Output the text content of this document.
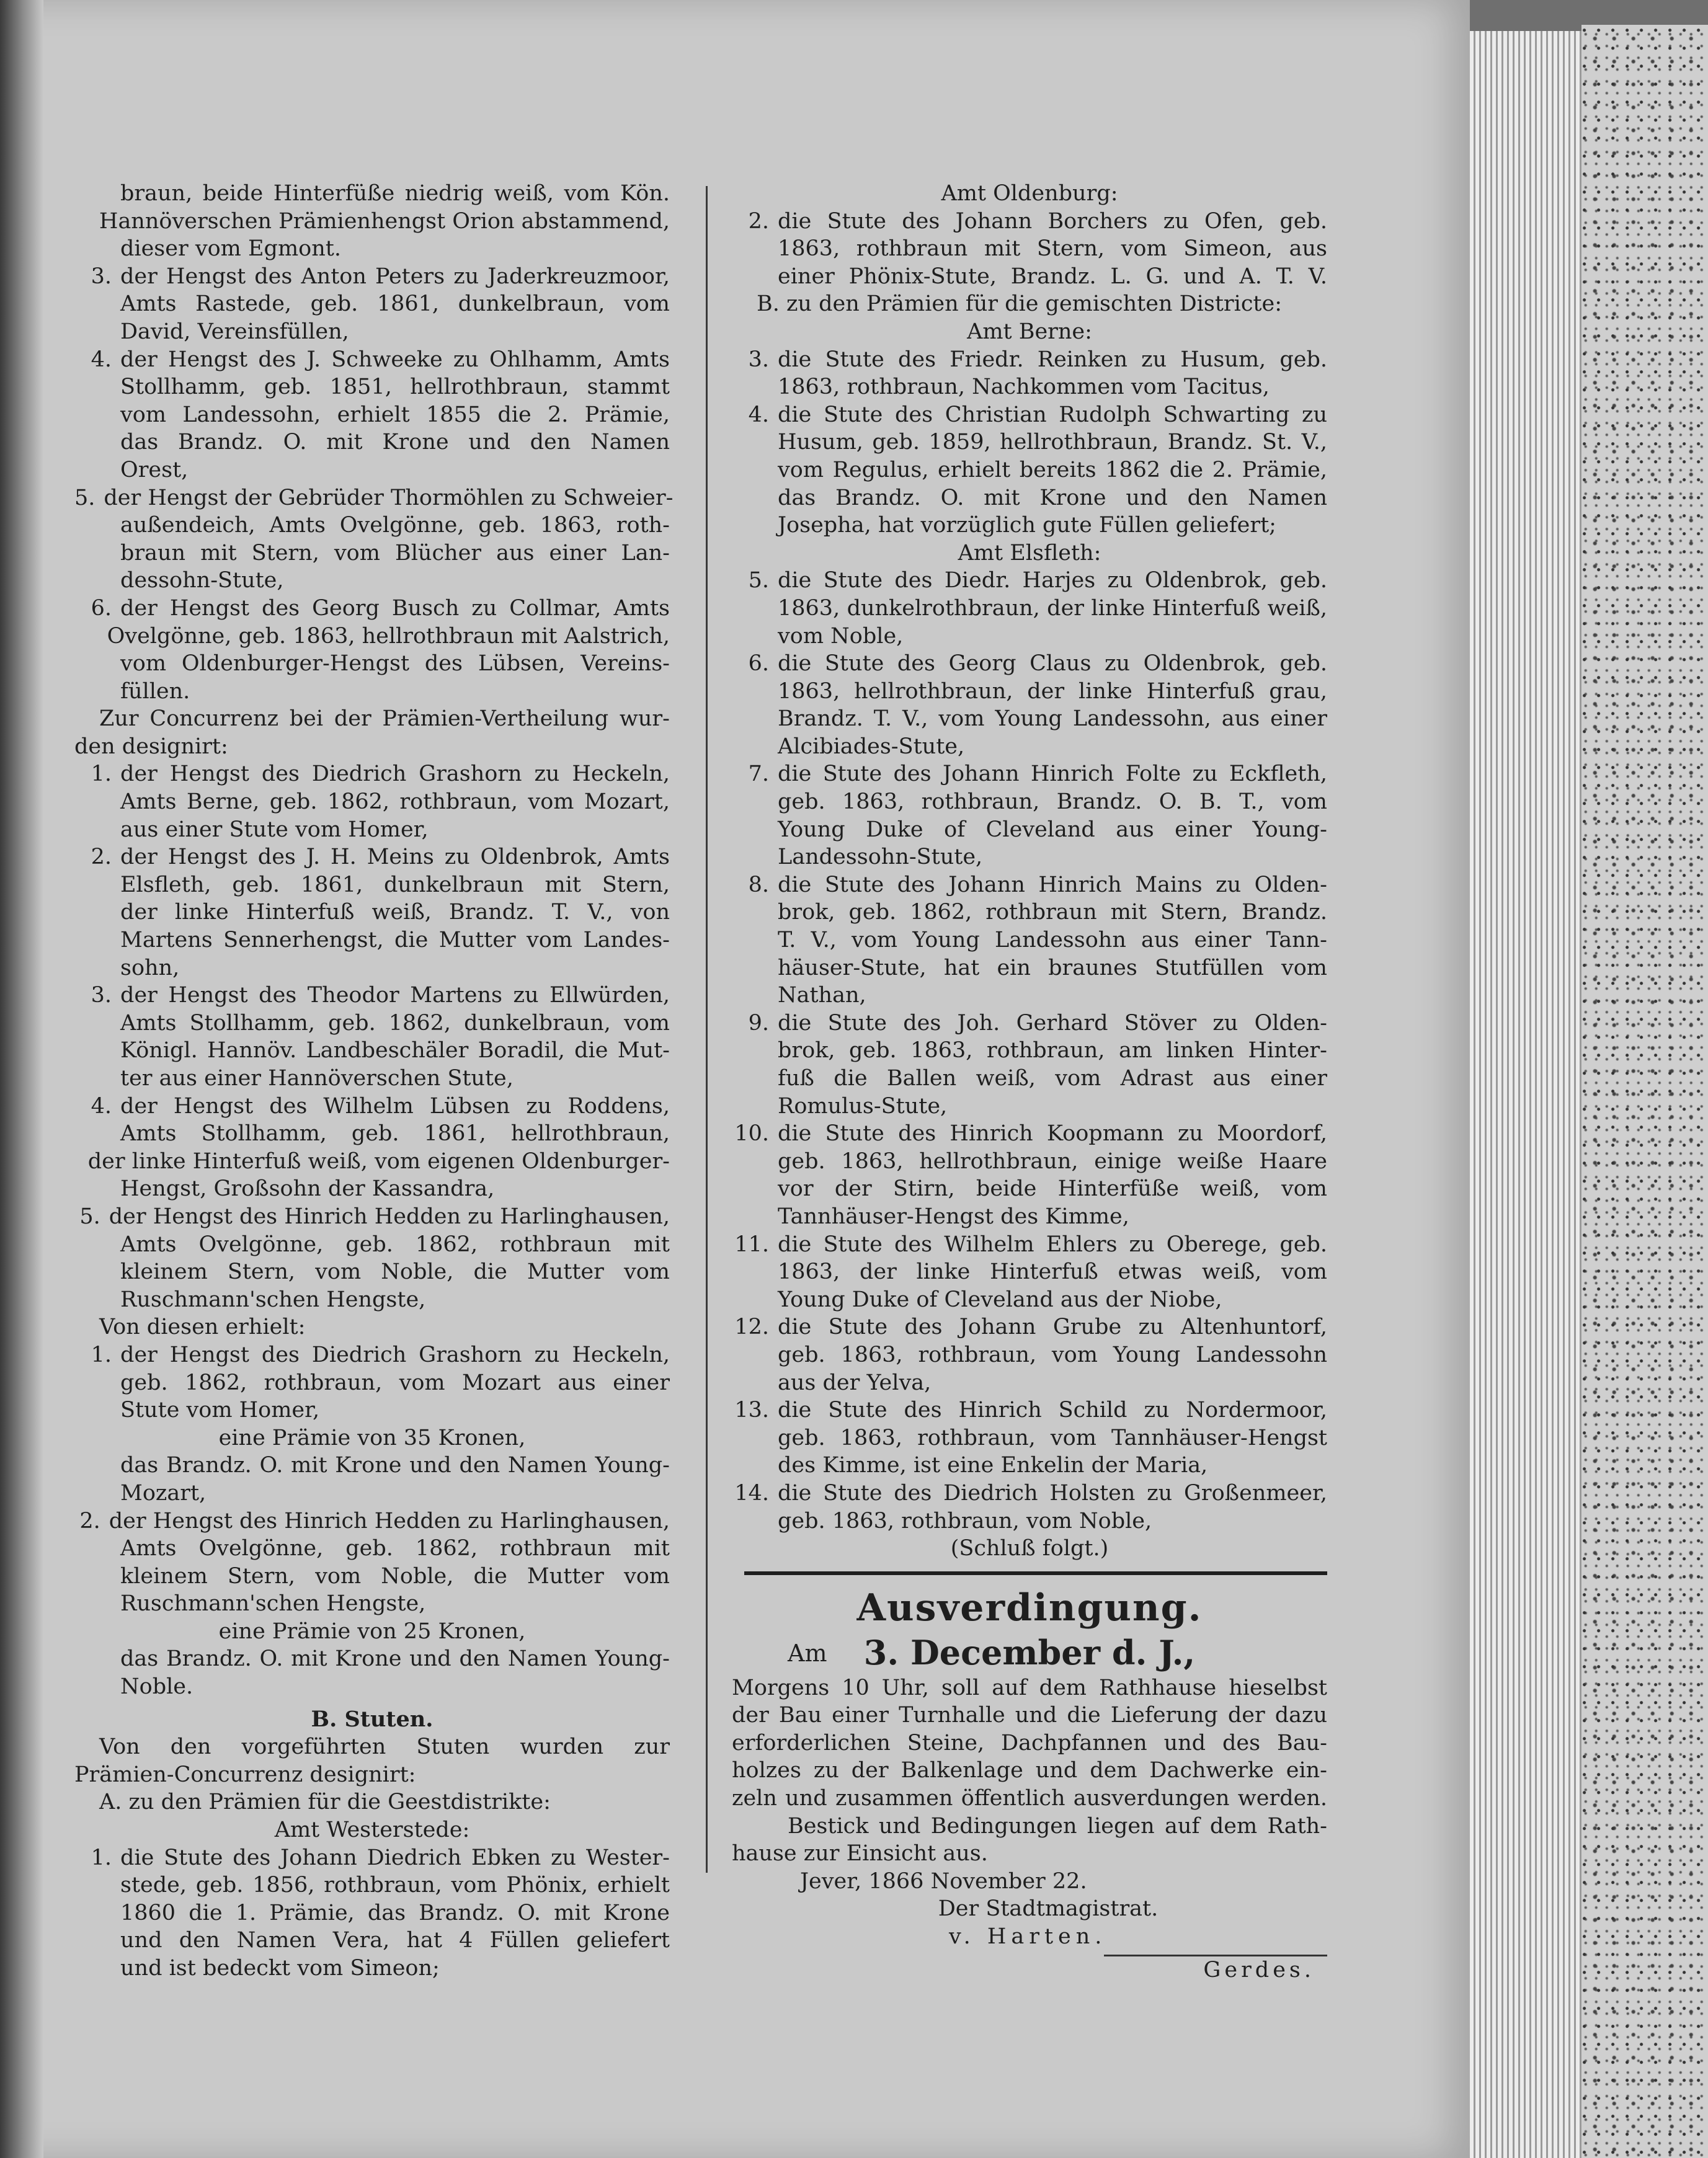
braun, beide Hinterfüße niedrig weiß, vom Kön.
Hannöverschen Prämienhengst Orion abstammend,
dieser vom Egmont.
3. der Hengst des Anton Peters zu Jaderkreuzmoor,
Amts Rastede, geb. 1861, dunkelbraun, vom
David, Vereinsfüllen,
4. der Hengst des J. Schweeke zu Ohlhamm, Amts
Stollhamm, geb. 1851, hellrothbraun, stammt
vom Landessohn, erhielt 1855 die 2. Prämie,
das Brandz. O. mit Krone und den Namen
Orest,
5. der Hengst der Gebrüder Thormöhlen zu Schweier-
außendeich, Amts Ovelgönne, geb. 1863, roth-
braun mit Stern, vom Blücher aus einer Lan-
dessohn-Stute,
6. der Hengst des Georg Busch zu Collmar, Amts
Ovelgönne, geb. 1863, hellrothbraun mit Aalstrich,
vom Oldenburger-Hengst des Lübsen, Vereins-
füllen.
Zur Concurrenz bei der Prämien-Vertheilung wur-
den designirt:
1. der Hengst des Diedrich Grashorn zu Heckeln,
Amts Berne, geb. 1862, rothbraun, vom Mozart,
aus einer Stute vom Homer,
2. der Hengst des J. H. Meins zu Oldenbrok, Amts
Elsfleth, geb. 1861, dunkelbraun mit Stern,
der linke Hinterfuß weiß, Brandz. T. V., von
Martens Sennerhengst, die Mutter vom Landes-
sohn,
3. der Hengst des Theodor Martens zu Ellwürden,
Amts Stollhamm, geb. 1862, dunkelbraun, vom
Königl. Hannöv. Landbeschäler Boradil, die Mut-
ter aus einer Hannöverschen Stute,
4. der Hengst des Wilhelm Lübsen zu Roddens,
Amts Stollhamm, geb. 1861, hellrothbraun,
der linke Hinterfuß weiß, vom eigenen Oldenburger-
Hengst, Großsohn der Kassandra,
5. der Hengst des Hinrich Hedden zu Harlinghausen,
Amts Ovelgönne, geb. 1862, rothbraun mit
kleinem Stern, vom Noble, die Mutter vom
Ruschmann'schen Hengste,
Von diesen erhielt:
1. der Hengst des Diedrich Grashorn zu Heckeln,
geb. 1862, rothbraun, vom Mozart aus einer
Stute vom Homer,
eine Prämie von 35 Kronen,
das Brandz. O. mit Krone und den Namen Young-
Mozart,
2. der Hengst des Hinrich Hedden zu Harlinghausen,
Amts Ovelgönne, geb. 1862, rothbraun mit
kleinem Stern, vom Noble, die Mutter vom
Ruschmann'schen Hengste,
eine Prämie von 25 Kronen,
das Brandz. O. mit Krone und den Namen Young-
Noble.
B. Stuten.
Von den vorgeführten Stuten wurden zur
Prämien-Concurrenz designirt:
A. zu den Prämien für die Geestdistrikte:
Amt Westerstede:
1. die Stute des Johann Diedrich Ebken zu Wester-
stede, geb. 1856, rothbraun, vom Phönix, erhielt
1860 die 1. Prämie, das Brandz. O. mit Krone
und den Namen Vera, hat 4 Füllen geliefert
und ist bedeckt vom Simeon;
Amt Oldenburg:
2. die Stute des Johann Borchers zu Ofen, geb.
1863, rothbraun mit Stern, vom Simeon, aus
einer Phönix-Stute, Brandz. L. G. und A. T. V.
B. zu den Prämien für die gemischten Districte:
Amt Berne:
3. die Stute des Friedr. Reinken zu Husum, geb.
1863, rothbraun, Nachkommen vom Tacitus,
4. die Stute des Christian Rudolph Schwarting zu
Husum, geb. 1859, hellrothbraun, Brandz. St. V.,
vom Regulus, erhielt bereits 1862 die 2. Prämie,
das Brandz. O. mit Krone und den Namen
Josepha, hat vorzüglich gute Füllen geliefert;
Amt Elsfleth:
5. die Stute des Diedr. Harjes zu Oldenbrok, geb.
1863, dunkelrothbraun, der linke Hinterfuß weiß,
vom Noble,
6. die Stute des Georg Claus zu Oldenbrok, geb.
1863, hellrothbraun, der linke Hinterfuß grau,
Brandz. T. V., vom Young Landessohn, aus einer
Alcibiades-Stute,
7. die Stute des Johann Hinrich Folte zu Eckfleth,
geb. 1863, rothbraun, Brandz. O. B. T., vom
Young Duke of Cleveland aus einer Young-
Landessohn-Stute,
8. die Stute des Johann Hinrich Mains zu Olden-
brok, geb. 1862, rothbraun mit Stern, Brandz.
T. V., vom Young Landessohn aus einer Tann-
häuser-Stute, hat ein braunes Stutfüllen vom
Nathan,
9. die Stute des Joh. Gerhard Stöver zu Olden-
brok, geb. 1863, rothbraun, am linken Hinter-
fuß die Ballen weiß, vom Adrast aus einer
Romulus-Stute,
10. die Stute des Hinrich Koopmann zu Moordorf,
geb. 1863, hellrothbraun, einige weiße Haare
vor der Stirn, beide Hinterfüße weiß, vom
Tannhäuser-Hengst des Kimme,
11. die Stute des Wilhelm Ehlers zu Oberege, geb.
1863, der linke Hinterfuß etwas weiß, vom
Young Duke of Cleveland aus der Niobe,
12. die Stute des Johann Grube zu Altenhuntorf,
geb. 1863, rothbraun, vom Young Landessohn
aus der Yelva,
13. die Stute des Hinrich Schild zu Nordermoor,
geb. 1863, rothbraun, vom Tannhäuser-Hengst
des Kimme, ist eine Enkelin der Maria,
14. die Stute des Diedrich Holsten zu Großenmeer,
geb. 1863, rothbraun, vom Noble,
(Schluß folgt.)
Ausverdingung.
Am	3. December d. J.,
Morgens 10 Uhr, soll auf dem Rathhause hieselbst
der Bau einer Turnhalle und die Lieferung der dazu
erforderlichen Steine, Dachpfannen und des Bau-
holzes zu der Balkenlage und dem Dachwerke ein-
zeln und zusammen öffentlich ausverdungen werden.
Bestick und Bedingungen liegen auf dem Rath-
hause zur Einsicht aus.
Jever, 1866 November 22.
Der Stadtmagistrat.
v. Harten.
Gerdes.
